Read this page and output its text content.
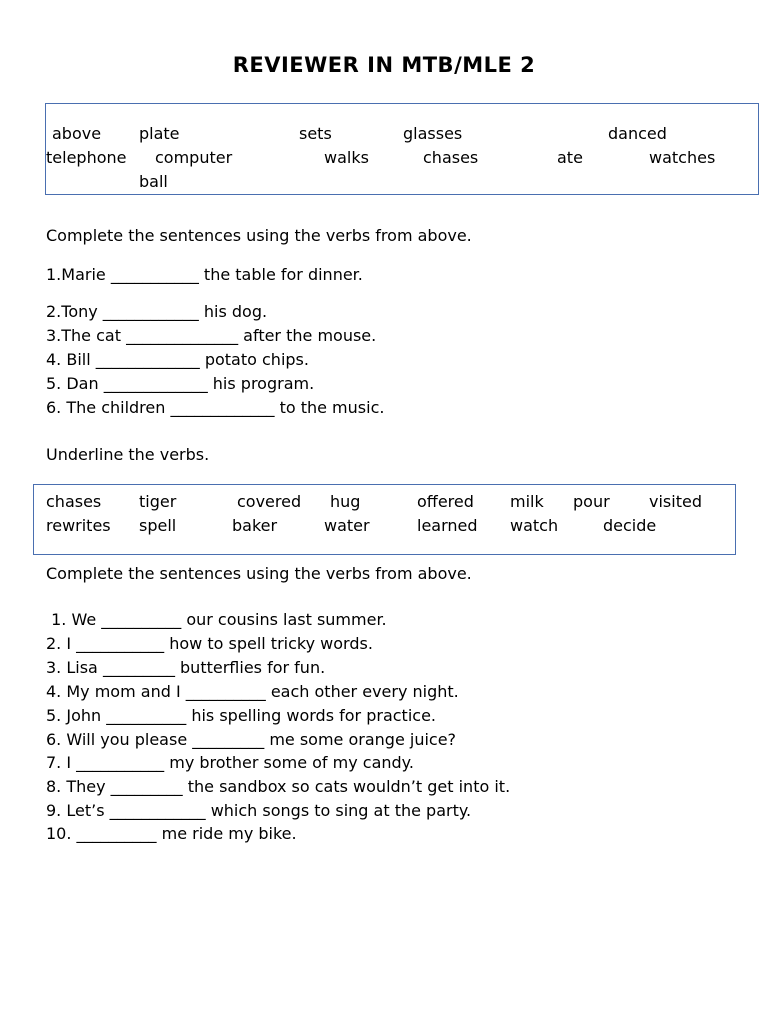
REVIEWER IN MTB/MLE 2
above plate	sets	glasses	danced
telephone computer	walks	chases	ate	watches
ball
Complete the sentences using the verbs from above.
1.Marie ___________ the table for dinner.
2.Tony ____________ his dog.
3.The cat ______________ after the mouse.
4. Bill _____________ potato chips.
5. Dan _____________ his program.
6. The children _____________ to the music.
Underline the verbs.
chases tiger	covered hug	offered milk pour visited
rewrites spell	baker	water	learned watch	decide
Complete the sentences using the verbs from above.
1. We __________ our cousins last summer.
2. I ___________ how to spell tricky words.
3. Lisa _________ butterflies for fun.
4. My mom and I __________ each other every night.
5. John __________ his spelling words for practice.
6. Will you please _________ me some orange juice?
7. I ___________ my brother some of my candy.
8. They _________ the sandbox so cats wouldn’t get into it.
9. Let’s ____________ which songs to sing at the party.
10. __________ me ride my bike.
